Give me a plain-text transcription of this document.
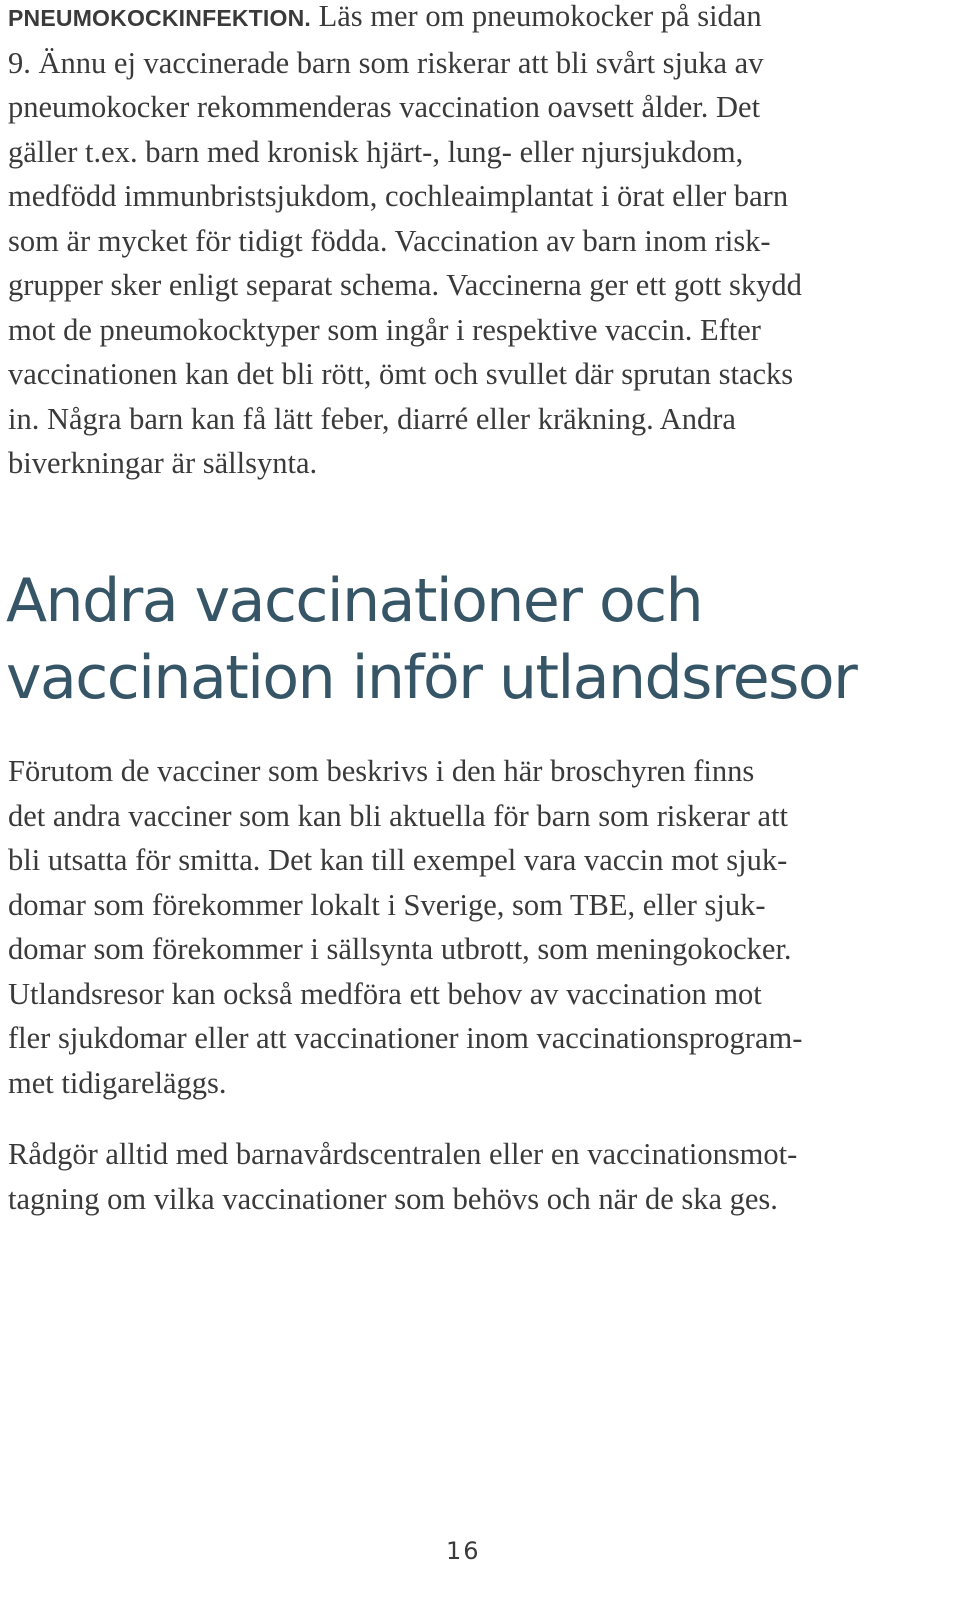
PNEUMOKOCKINFEKTION. Läs mer om pneumokocker på sidan
9. Ännu ej vaccinerade barn som riskerar att bli svårt sjuka av
pneumokocker rekommenderas vaccination oavsett ålder. Det
gäller t.ex. barn med kronisk hjärt-, lung- eller njursjukdom,
medfödd immunbristsjukdom, cochleaimplantat i örat eller barn
som är mycket för tidigt födda. Vaccination av barn inom risk-
grupper sker enligt separat schema. Vaccinerna ger ett gott skydd
mot de pneumokocktyper som ingår i respektive vaccin. Efter
vaccinationen kan det bli rött, ömt och svullet där sprutan stacks
in. Några barn kan få lätt feber, diarré eller kräkning. Andra
biverkningar är sällsynta.

Andra vaccinationer och
vaccination inför utlandsresor

Förutom de vacciner som beskrivs i den här broschyren finns
det andra vacciner som kan bli aktuella för barn som riskerar att
bli utsatta för smitta. Det kan till exempel vara vaccin mot sjuk-
domar som förekommer lokalt i Sverige, som TBE, eller sjuk-
domar som förekommer i sällsynta utbrott, som meningokocker.
Utlandsresor kan också medföra ett behov av vaccination mot
fler sjukdomar eller att vaccinationer inom vaccinationsprogram-
met tidigareläggs.

Rådgör alltid med barnavårdscentralen eller en vaccinationsmot-
tagning om vilka vaccinationer som behövs och när de ska ges.

16
